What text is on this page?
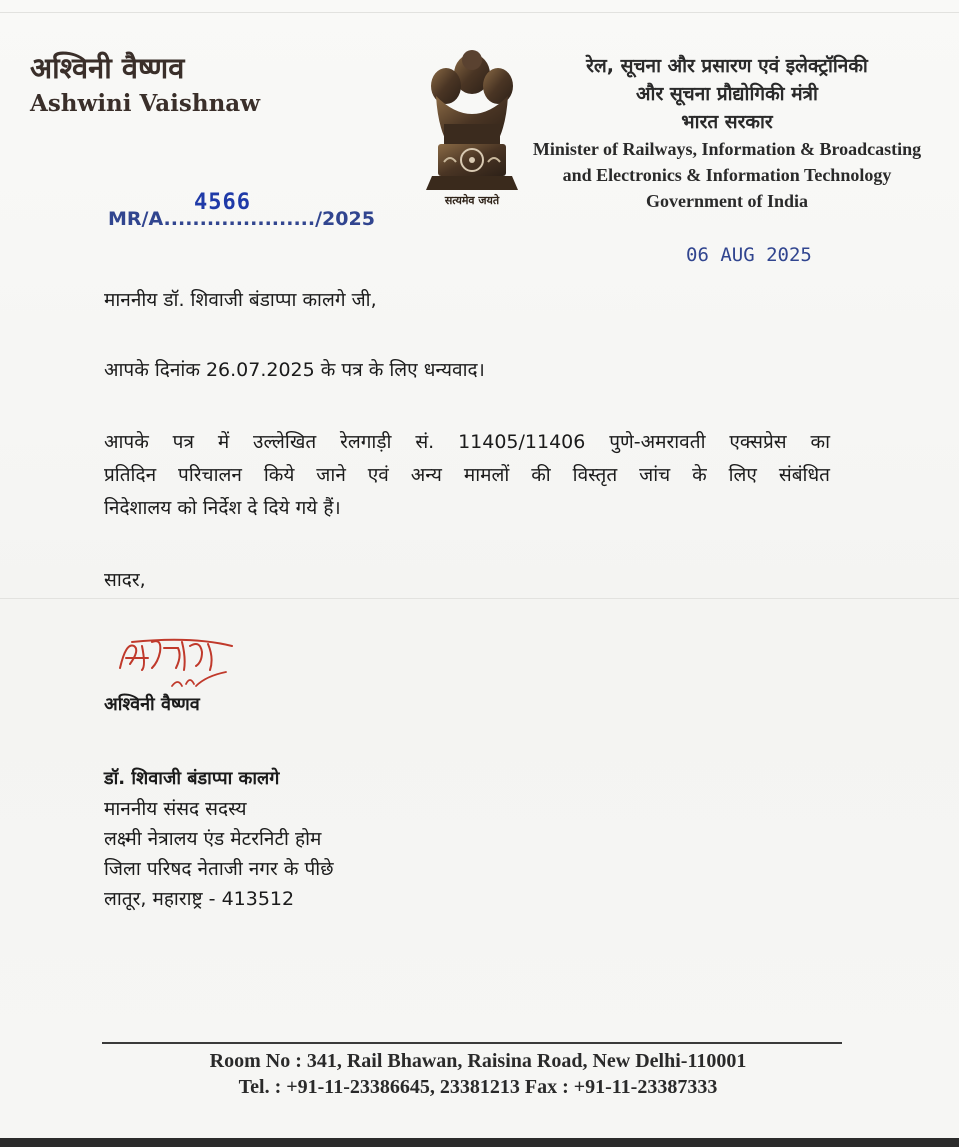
अश्विनी वैष्णव
Ashwini Vaishnaw
सत्यमेव जयते
रेल, सूचना और प्रसारण एवं इलेक्ट्रॉनिकी
और सूचना प्रौद्योगिकी मंत्री
भारत सरकार
Minister of Railways, Information & Broadcasting
and Electronics & Information Technology
Government of India
MR/A...................../2025
4566
06 AUG 2025
माननीय डॉ. शिवाजी बंडाप्पा कालगे जी,
आपके दिनांक 26.07.2025 के पत्र के लिए धन्यवाद।
आपके पत्र में उल्लेखित रेलगाड़ी सं. 11405/11406 पुणे-अमरावती एक्सप्रेस का
प्रतिदिन परिचालन किये जाने एवं अन्य मामलों की विस्तृत जांच के लिए संबंधित
निदेशालय को निर्देश दे दिये गये हैं।
सादर,
अश्विनी वैष्णव
डॉ. शिवाजी बंडाप्पा कालगे
माननीय संसद सदस्य
लक्ष्मी नेत्रालय एंड मेटरनिटी होम
जिला परिषद नेताजी नगर के पीछे
लातूर, महाराष्ट्र - 413512
Room No : 341, Rail Bhawan, Raisina Road, New Delhi-110001
Tel. : +91-11-23386645, 23381213 Fax : +91-11-23387333
